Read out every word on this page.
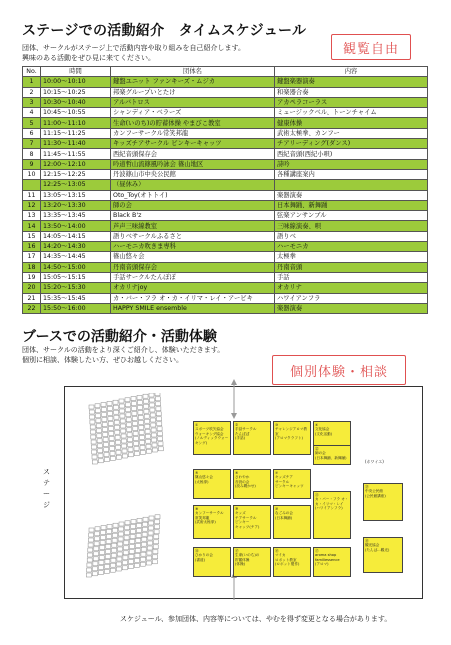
ステージでの活動紹介　タイムスケジュール
団体、サークルがステージ上で活動内容や取り組みを自己紹介します。
興味のある活動をぜひ見に来てください。
観覧自由
No.	時間	団体名	内容
1	10:00～10:10	鍵盤ユニット ファンキーズ・ムジカ	鍵盤楽器演奏
2	10:15～10:25	邦楽グループいとたけ	和楽器合奏
3	10:30～10:40	アルバトロス	アカペラコーラス
4	10:45～10:55	シャンディア・ベラーズ	ミュージックベル、トーンチャイム
5	11:00～11:10	生命(いのち)の貯蓄体操 やまびこ教室	健康体操
6	11:15～11:25	カンフーサークル常笑邦龍	武術太極拳、カンフー
7	11:30～11:40	キッズチアサークル ピンキーキャッツ	チアリーディング(ダンス)
8	11:45～11:55	西紀音頭保存会	西紀音頭(西紀小唄)
9	12:00～12:10	吟道哲山流篠風吟詠会 篠山地区	詩吟
10	12:15～12:25	丹波篠山市中央公民館	各種講座案内
	12:25～13:05	（昼休み）	
11	13:05～13:15	Oto_Toy(オトトイ)	楽器演奏
12	13:20～13:30	師の会	日本舞踊、新舞踊
13	13:35～13:45	Black B'z	弦楽アンサンブル
14	13:50～14:00	芦声三味線教室	三味線演奏、唄
15	14:05～14:15	語りべサークルふるさと	語りべ
16	14:20～14:30	ハーモニカ吹きま専科	ハーモニカ
17	14:35～14:45	篠山悠々会	太極拳
18	14:50～15:00	丹南音頭保存会	丹南音頭
19	15:05～15:15	手話サークルたんぽぽ	手話
20	15:20～15:30	オカリナjoy	オカリナ
21	15:35～15:45	カ・バー・フラ オ・カ・イリマ・レイ・アービキ	ハワイアンフラ
22	15:50～16:00	HAPPY SMILE ensemble	楽器演奏
ブースでの活動紹介・活動体験
団体、サークルの活動をより深くご紹介し、体験いただきます。
個別に相談、体験したい方、ぜひお越しください。
個別体験・相談
ステージ
(ホワイエ)
①
スポーツ吹矢協会
ウォーキング協会
(ノルディックウォーキング)
②
手話サークル
たんぽぽ
(手話)
③
チャレンジアロマ教室
(アロマクラフト)
④
文化協会
(文化活動)
⑤
篠山悠々会
(太極拳)
⑥
さわやか
音読の会
(読み聞かせ)
⑦
キッズチア
サークル
ピンキーキャッツ
⑧
カンフーサークル
常笑邦龍
(武術太極拳)
⑨
キッズ
チアサークル
ピンキー
キャッツ(チア)
⑩
なごみの会
(日本舞踊)
⑪
カ・バー・フラ オ・カ・イリマ・レイ
(ハワイアンフラ)
⑫
師の会
(日本舞踊、新舞踊)
⑬
中央公民館
(公民館講座)
⑭
ひかりの会
(書道)
⑮
生命(いのち)の
貯蓄体操
(体操)
⑯
マイカ
ロボット教室
(ロボット製作)
⑰
aroma shop
familiessence
(アロマ)
⑱
観光協会
(たんば…観光)
スケジュール、参加団体、内容等については、やむを得ず変更となる場合があります。
